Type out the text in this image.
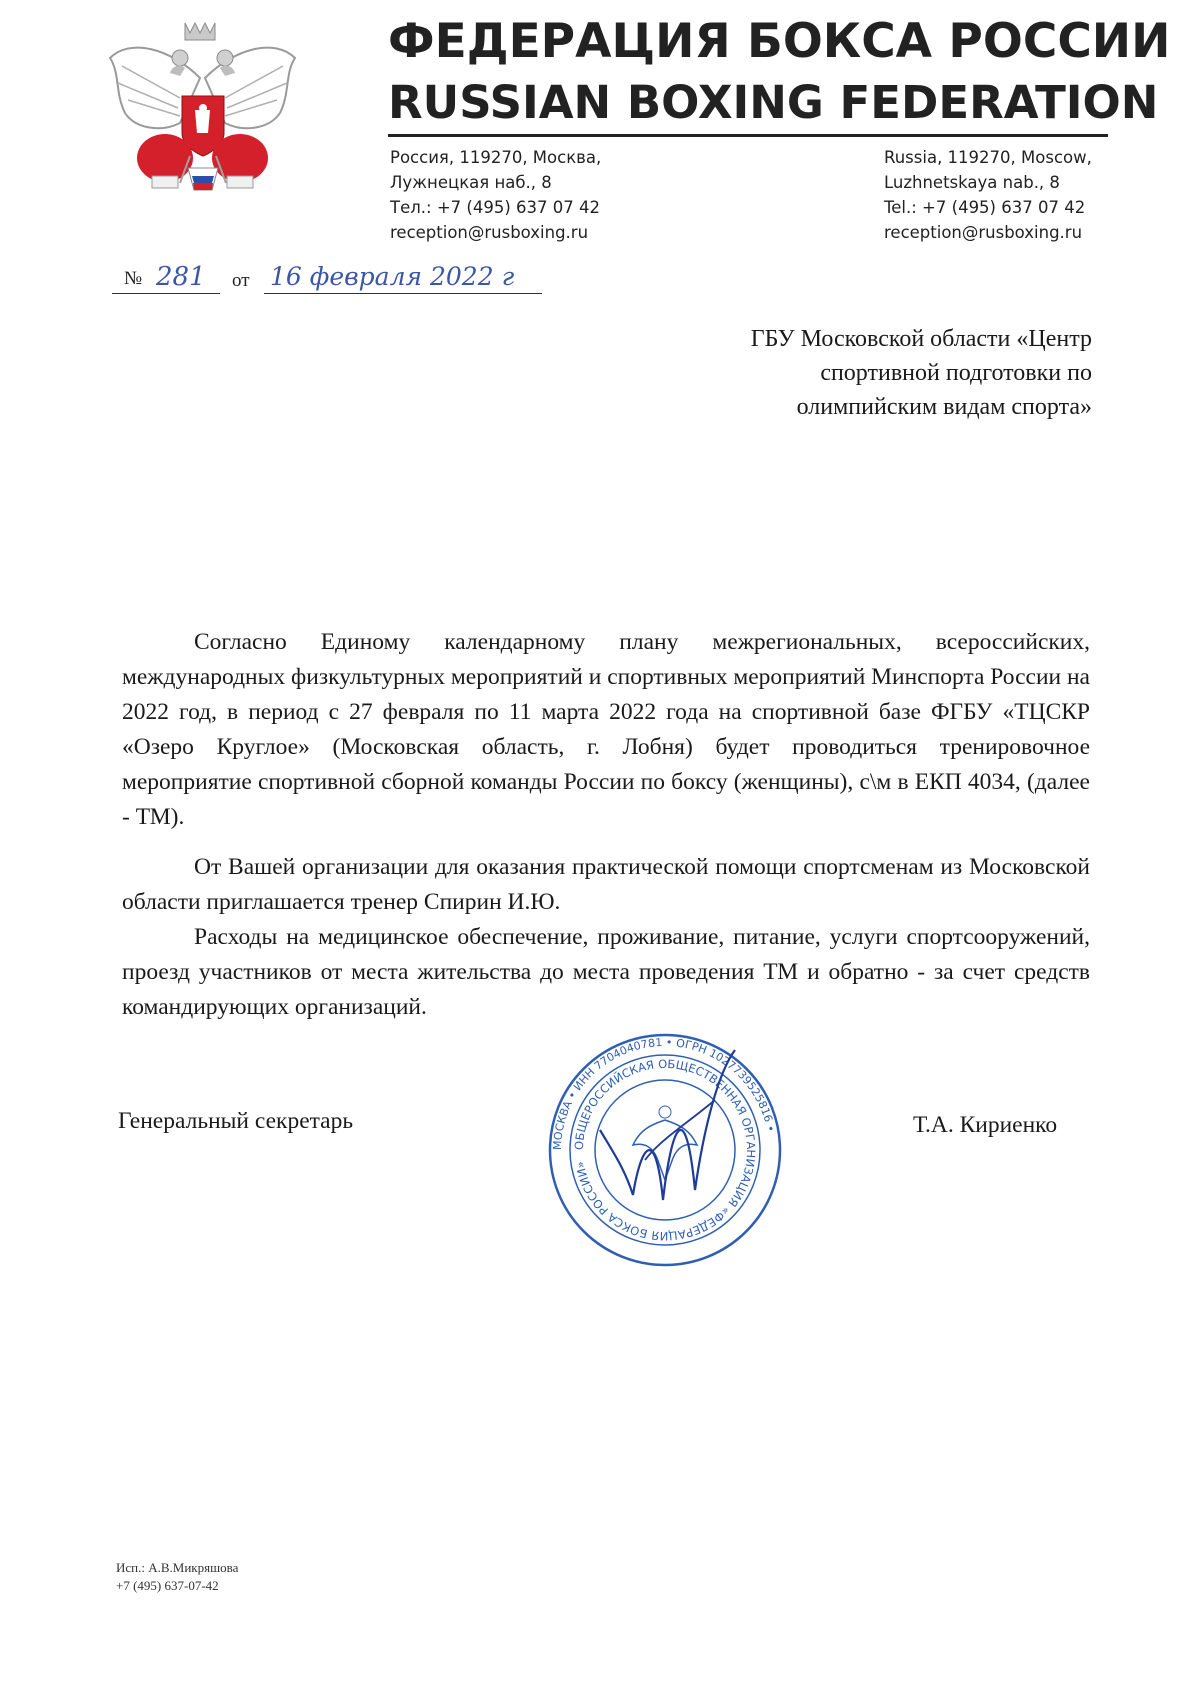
ФЕДЕРАЦИЯ БОКСА РОССИИ
RUSSIAN BOXING FEDERATION
Россия, 119270, Москва,
Лужнецкая наб., 8
Тел.: +7 (495) 637 07 42
reception@rusboxing.ru
Russia, 119270, Moscow,
Luzhnetskaya nab., 8
Tel.: +7 (495) 637 07 42
reception@rusboxing.ru
№ 281 от 16 февраля 2022 г
ГБУ Московской области «Центр
спортивной подготовки по
олимпийским видам спорта»
Согласно Единому календарному плану межрегиональных, всероссийских, международных физкультурных мероприятий и спортивных мероприятий Минспорта России на 2022 год, в период с 27 февраля по 11 марта 2022 года на спортивной базе ФГБУ «ТЦСКР «Озеро Круглое» (Московская область, г. Лобня) будет проводиться тренировочное мероприятие спортивной сборной команды России по боксу (женщины), с\м в ЕКП 4034, (далее - ТМ).
От Вашей организации для оказания практической помощи спортсменам из Московской области приглашается тренер Спирин И.Ю.
Расходы на медицинское обеспечение, проживание, питание, услуги спортсооружений, проезд участников от места жительства до места проведения ТМ и обратно - за счет средств командирующих организаций.
Генеральный секретарь	Т.А. Кириенко
МОСКВА • ИНН 7704040781 • ОГРН 1027739525816 •
ОБЩЕРОССИЙСКАЯ ОБЩЕСТВЕННАЯ ОРГАНИЗАЦИЯ «ФЕДЕРАЦИЯ БОКСА РОССИИ»
Исп.: А.В.Микряшова
+7 (495) 637-07-42
